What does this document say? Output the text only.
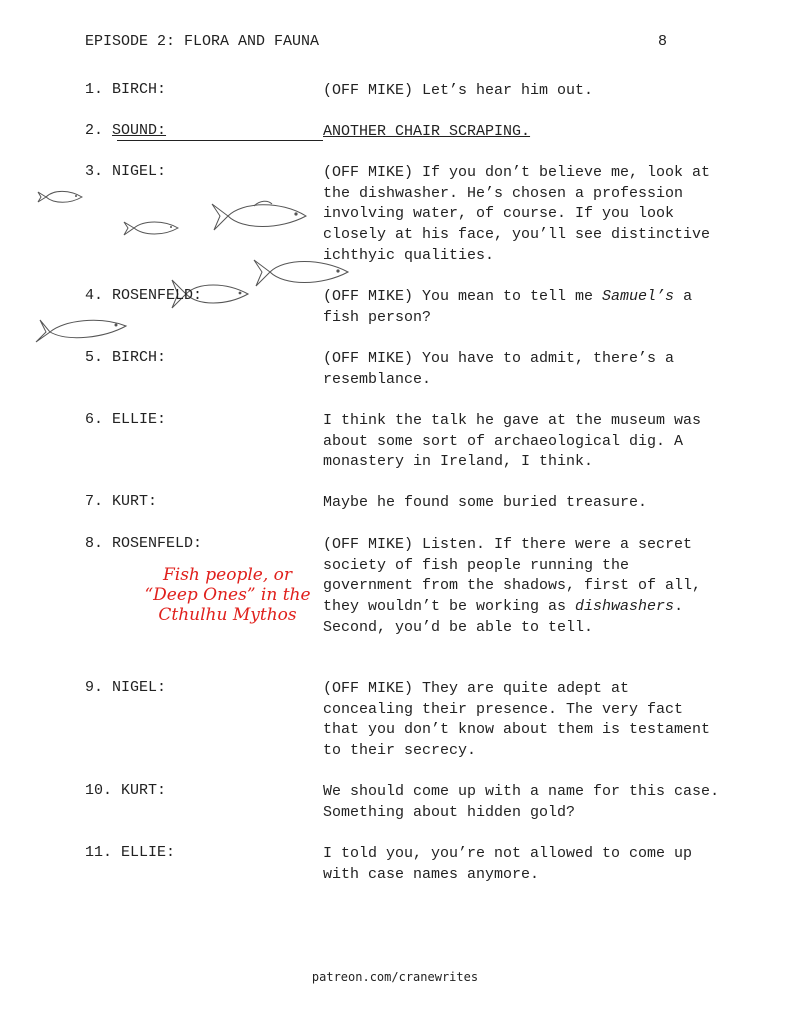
EPISODE 2: FLORA AND FAUNA	8
1. BIRCH:	(OFF MIKE) Let’s hear him out.
2. SOUND:	ANOTHER CHAIR SCRAPING.
3. NIGEL:	(OFF MIKE) If you don’t believe me, look at the dishwasher. He’s chosen a profession involving water, of course. If you look closely at his face, you’ll see distinctive ichthyic qualities.
4. ROSENFELD:	(OFF MIKE) You mean to tell me Samuel’s a fish person?
5. BIRCH:	(OFF MIKE) You have to admit, there’s a resemblance.
6. ELLIE:	I think the talk he gave at the museum was about some sort of archaeological dig. A monastery in Ireland, I think.
7. KURT:	Maybe he found some buried treasure.
8. ROSENFELD:	(OFF MIKE) Listen. If there were a secret society of fish people running the government from the shadows, first of all, they wouldn’t be working as dishwashers. Second, you’d be able to tell.
Fish people, or
“Deep Ones” in the
Cthulhu Mythos
9. NIGEL:	(OFF MIKE) They are quite adept at concealing their presence. The very fact that you don’t know about them is testament to their secrecy.
10. KURT:	We should come up with a name for this case. Something about hidden gold?
11. ELLIE:	I told you, you’re not allowed to come up with case names anymore.
patreon.com/cranewrites
